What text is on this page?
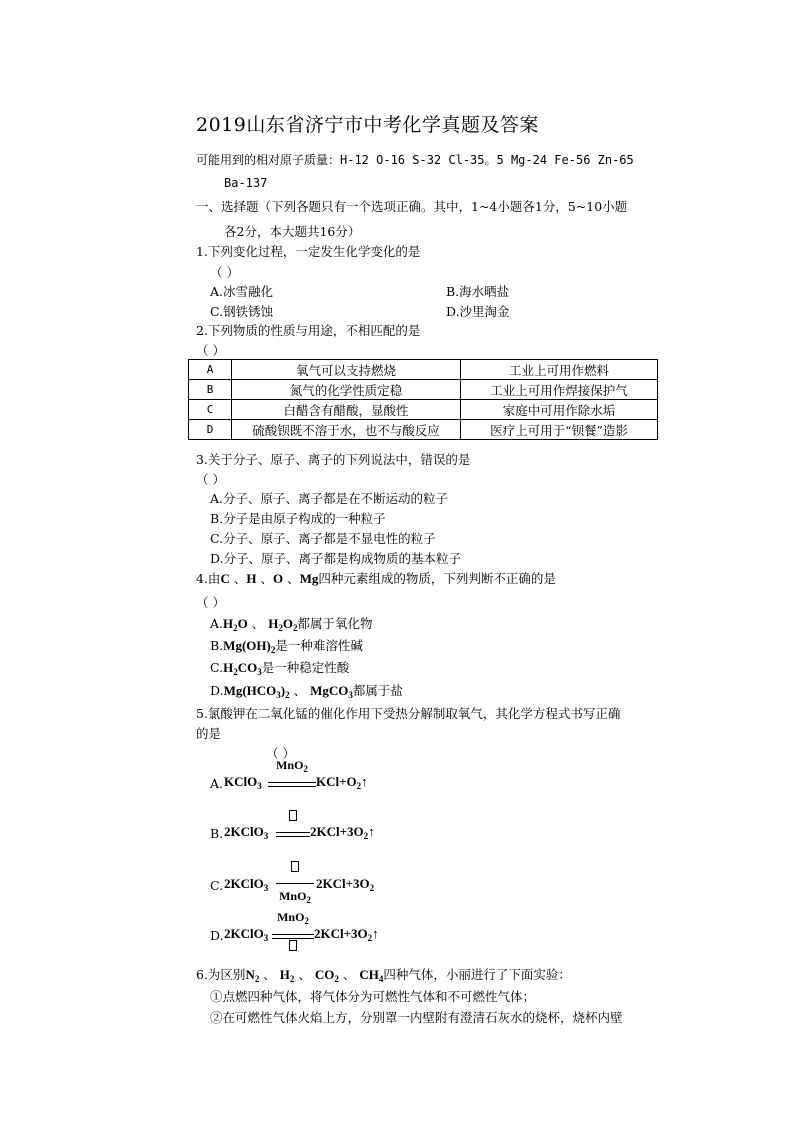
2019山东省济宁市中考化学真题及答案
可能用到的相对原子质量：H-12 O-16 S-32 Cl-35。5 Mg-24 Fe-56 Zn-65
Ba-137
一、选择题（下列各题只有一个选项正确。其中，1~4小题各1分，5~10小题
各2分，本大题共16分）
1.下列变化过程，一定发生化学变化的是
（ ）
A.冰雪融化	B.海水晒盐
C.钢铁锈蚀	D.沙里淘金
2.下列物质的性质与用途，不相匹配的是
（ ）
A	氧气可以支持燃烧	工业上可用作燃料
B	氮气的化学性质定稳	工业上可用作焊接保护气
C	白醋含有醋酸，显酸性	家庭中可用作除水垢
D	硫酸钡既不溶于水，也不与酸反应	医疗上可用于“钡餐”造影
3.关于分子、原子、离子的下列说法中，错误的是
（ ）
A.分子、原子、离子都是在不断运动的粒子
B.分子是由原子构成的一种粒子
C.分子、原子、离子都是不显电性的粒子
D.分子、原子、离子都是构成物质的基本粒子
4.由C 、H 、O 、Mg四种元素组成的物质，下列判断不正确的是
（ ）
$A.H_2O$ 、 $H_2O_2$都属于氧化物
$B.Mg(OH)_2$是一种难溶性碱
$C.H_2CO_3$是一种稳定性酸
$D.Mg(HCO_3)_2$ 、 MgCO$_3$都属于盐
5.氯酸钾在二氧化锰的催化作用下受热分解制取氧气，其化学方程式书写正确
的是
（ ）
A. KClO$_3$
MnO$_2$
$KCl+O_2↑$
B. 2KClO$_3$	$2KCl+3O_2↑$
C. 2KClO$_3$
MnO$_2$
$2KCl+3O_2$
D. 2KClO$_3$
MnO$_2$
$2KCl+3O_2↑$
6.为区别$N_2$ 、 $H_2$ 、 $CO_2$ 、 $CH_4$四种气体，小丽进行了下面实验：
①点燃四种气体，将气体分为可燃性气体和不可燃性气体；
②在可燃性气体火焰上方，分别罩一内壁附有澄清石灰水的烧杯，烧杯内壁
